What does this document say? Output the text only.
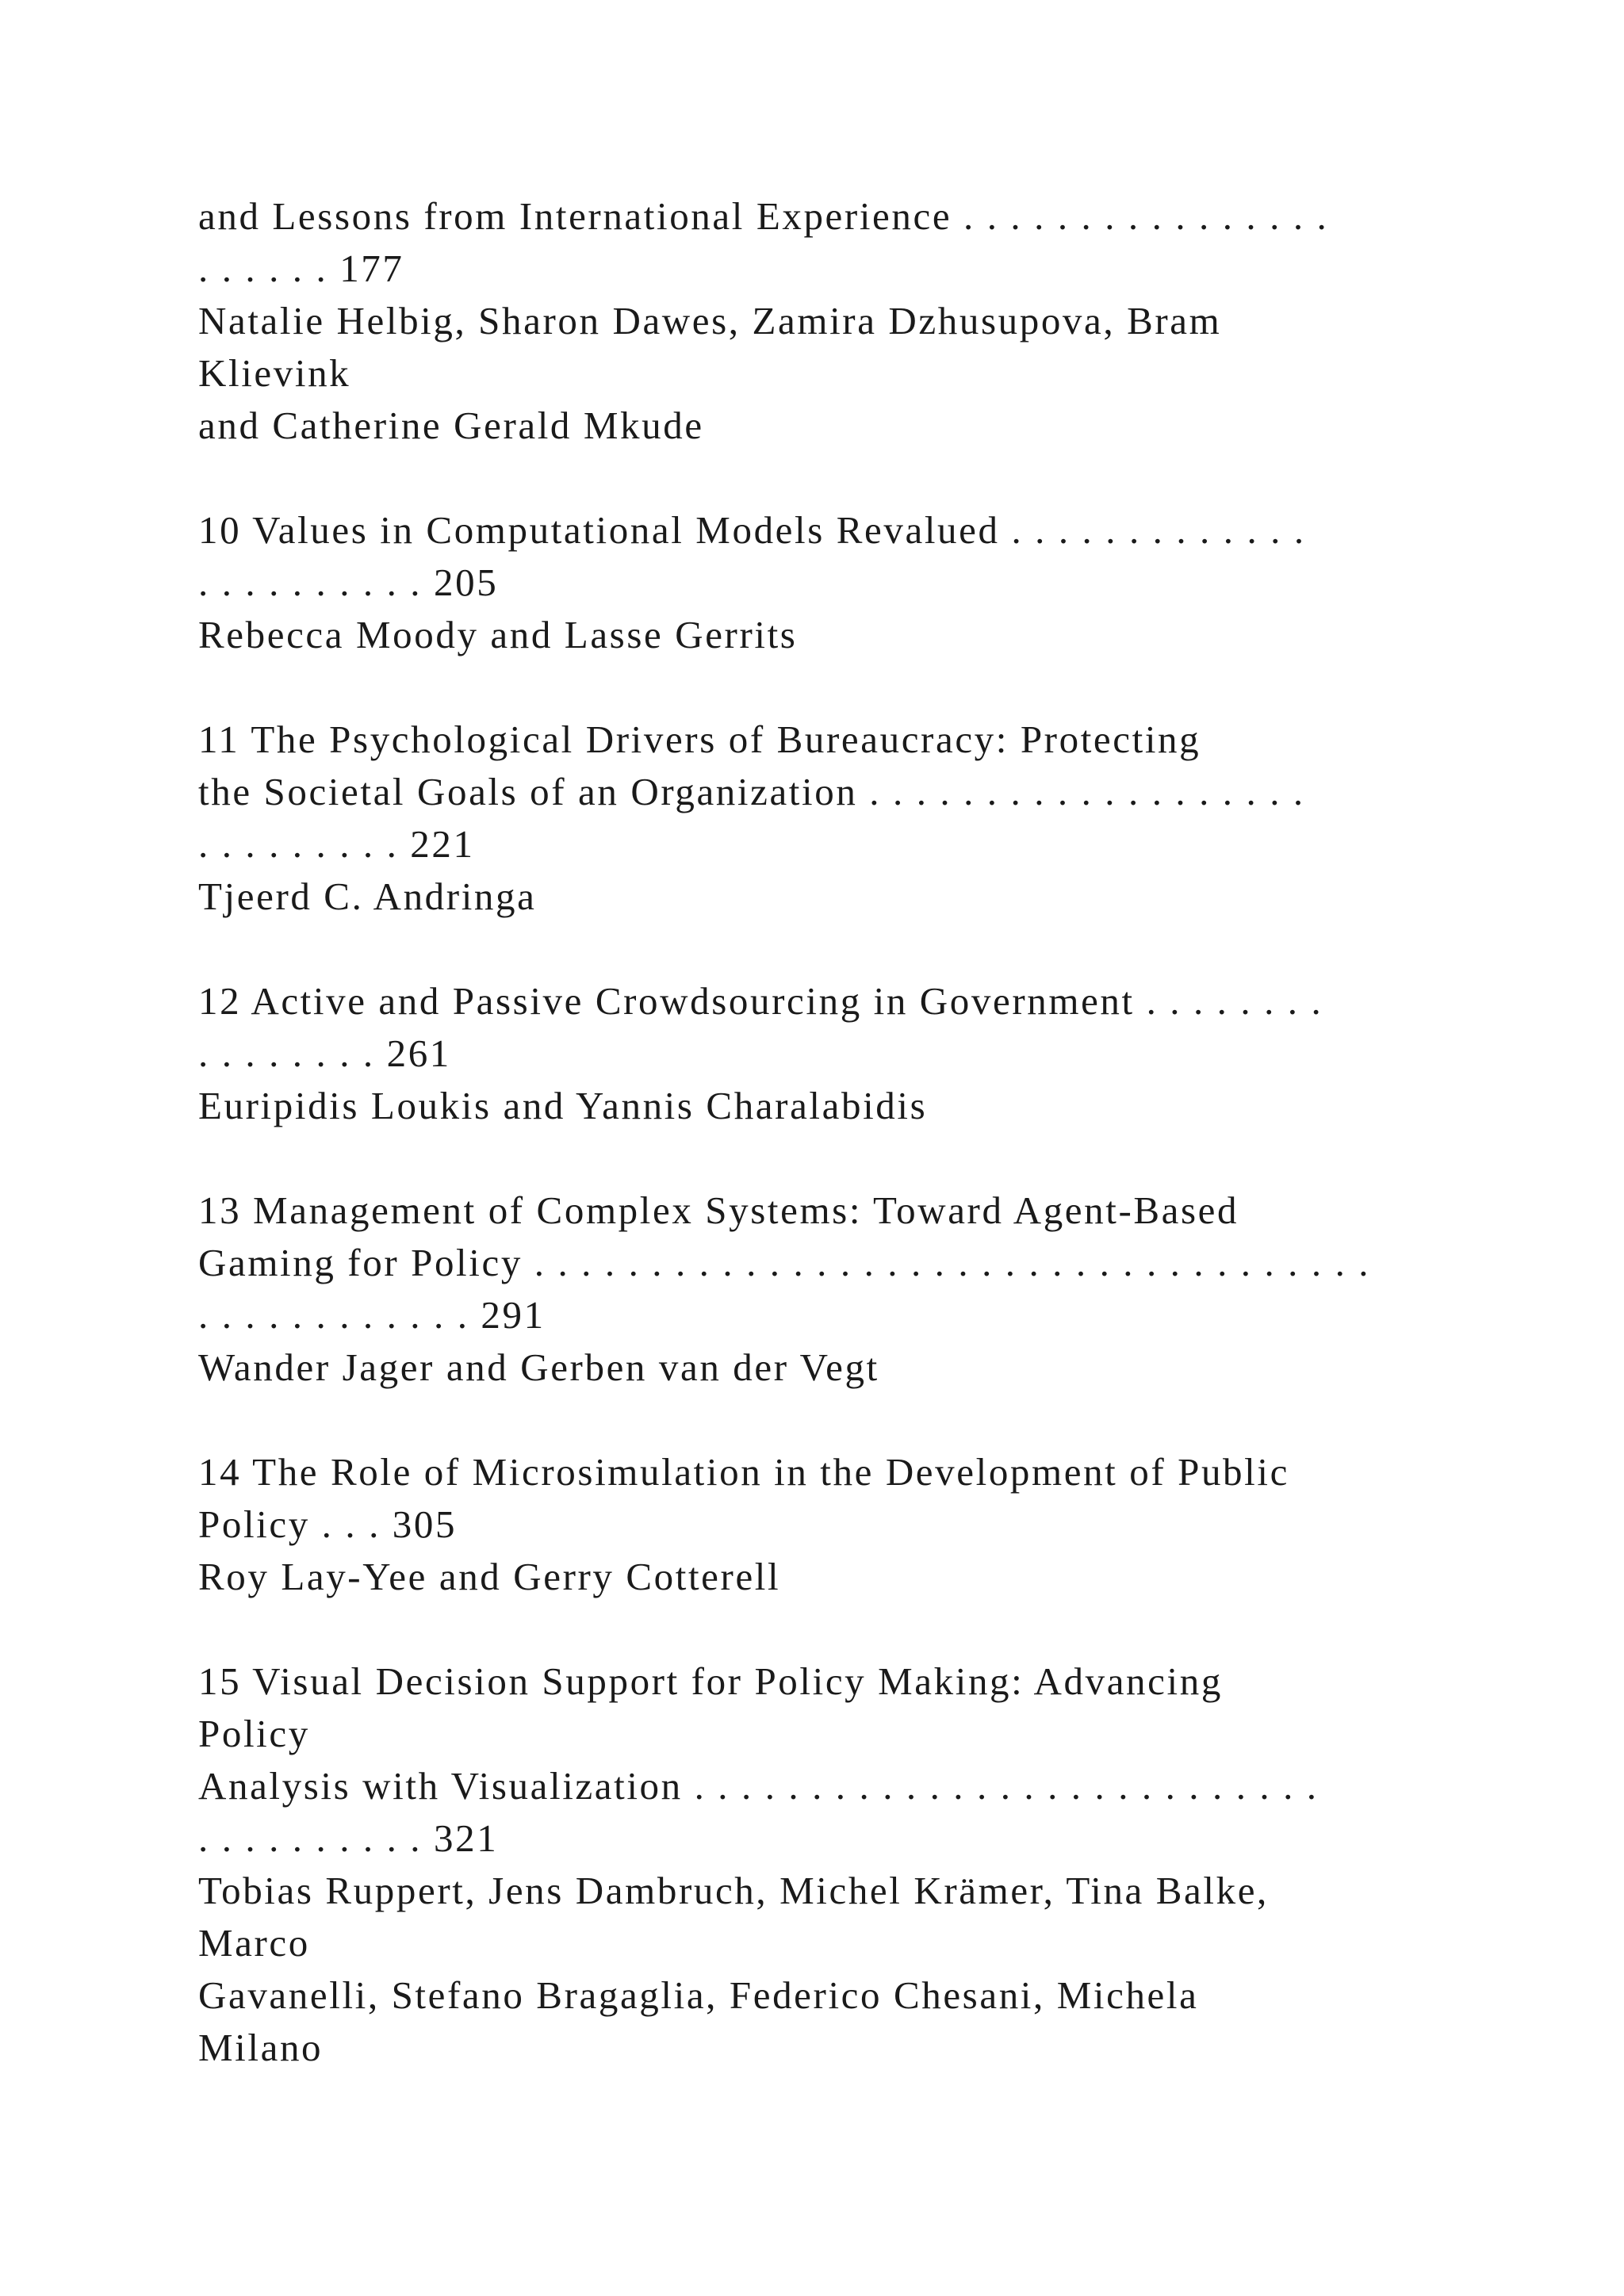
and Lessons from International Experience . . . . . . . . . . . . . . . .
. . . . . . 177
Natalie Helbig, Sharon Dawes, Zamira Dzhusupova, Bram
Klievink
and Catherine Gerald Mkude
10 Values in Computational Models Revalued . . . . . . . . . . . . .
. . . . . . . . . . 205
Rebecca Moody and Lasse Gerrits
11 The Psychological Drivers of Bureaucracy: Protecting
the Societal Goals of an Organization . . . . . . . . . . . . . . . . . . .
. . . . . . . . . 221
Tjeerd C. Andringa
12 Active and Passive Crowdsourcing in Government . . . . . . . .
. . . . . . . . 261
Euripidis Loukis and Yannis Charalabidis
13 Management of Complex Systems: Toward Agent-Based
Gaming for Policy . . . . . . . . . . . . . . . . . . . . . . . . . . . . . . . . . . . .
. . . . . . . . . . . . 291
Wander Jager and Gerben van der Vegt
14 The Role of Microsimulation in the Development of Public
Policy . . . 305
Roy Lay-Yee and Gerry Cotterell
15 Visual Decision Support for Policy Making: Advancing
Policy
Analysis with Visualization . . . . . . . . . . . . . . . . . . . . . . . . . . .
. . . . . . . . . . 321
Tobias Ruppert, Jens Dambruch, Michel Krämer, Tina Balke,
Marco
Gavanelli, Stefano Bragaglia, Federico Chesani, Michela
Milano
